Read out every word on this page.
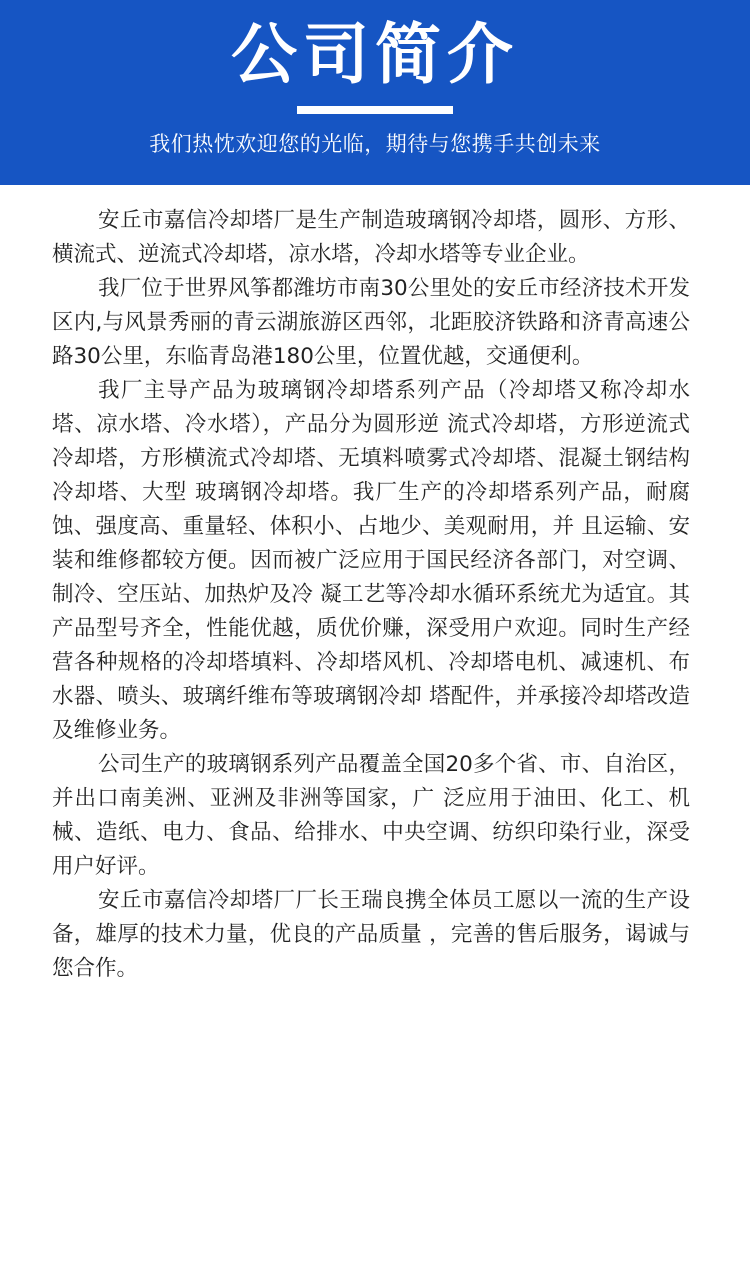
公司简介
我们热忱欢迎您的光临，期待与您携手共创未来

安丘市嘉信冷却塔厂是生产制造玻璃钢冷却塔，圆形、方形、横流式、逆流式冷却塔，凉水塔，冷却水塔等专业企业。

我厂位于世界风筝都潍坊市南30公里处的安丘市经济技术开发区内,与风景秀丽的青云湖旅游区西邻，北距胶济铁路和济青高速公路30公里，东临青岛港180公里，位置优越，交通便利。

我厂主导产品为玻璃钢冷却塔系列产品（冷却塔又称冷却水塔、凉水塔、冷水塔），产品分为圆形逆 流式冷却塔，方形逆流式冷却塔，方形横流式冷却塔、无填料喷雾式冷却塔、混凝土钢结构冷却塔、大型 玻璃钢冷却塔。我厂生产的冷却塔系列产品，耐腐蚀、强度高、重量轻、体积小、占地少、美观耐用，并 且运输、安装和维修都较方便。因而被广泛应用于国民经济各部门，对空调、制冷、空压站、加热炉及冷 凝工艺等冷却水循环系统尤为适宜。其产品型号齐全，性能优越，质优价赚，深受用户欢迎。同时生产经 营各种规格的冷却塔填料、冷却塔风机、冷却塔电机、减速机、布水器、喷头、玻璃纤维布等玻璃钢冷却 塔配件，并承接冷却塔改造及维修业务。

公司生产的玻璃钢系列产品覆盖全国20多个省、市、自治区，并出口南美洲、亚洲及非洲等国家，广 泛应用于油田、化工、机械、造纸、电力、食品、给排水、中央空调、纺织印染行业，深受用户好评。

安丘市嘉信冷却塔厂厂长王瑞良携全体员工愿以一流的生产设备，雄厚的技术力量，优良的产品质量 ，完善的售后服务，谒诚与您合作。
